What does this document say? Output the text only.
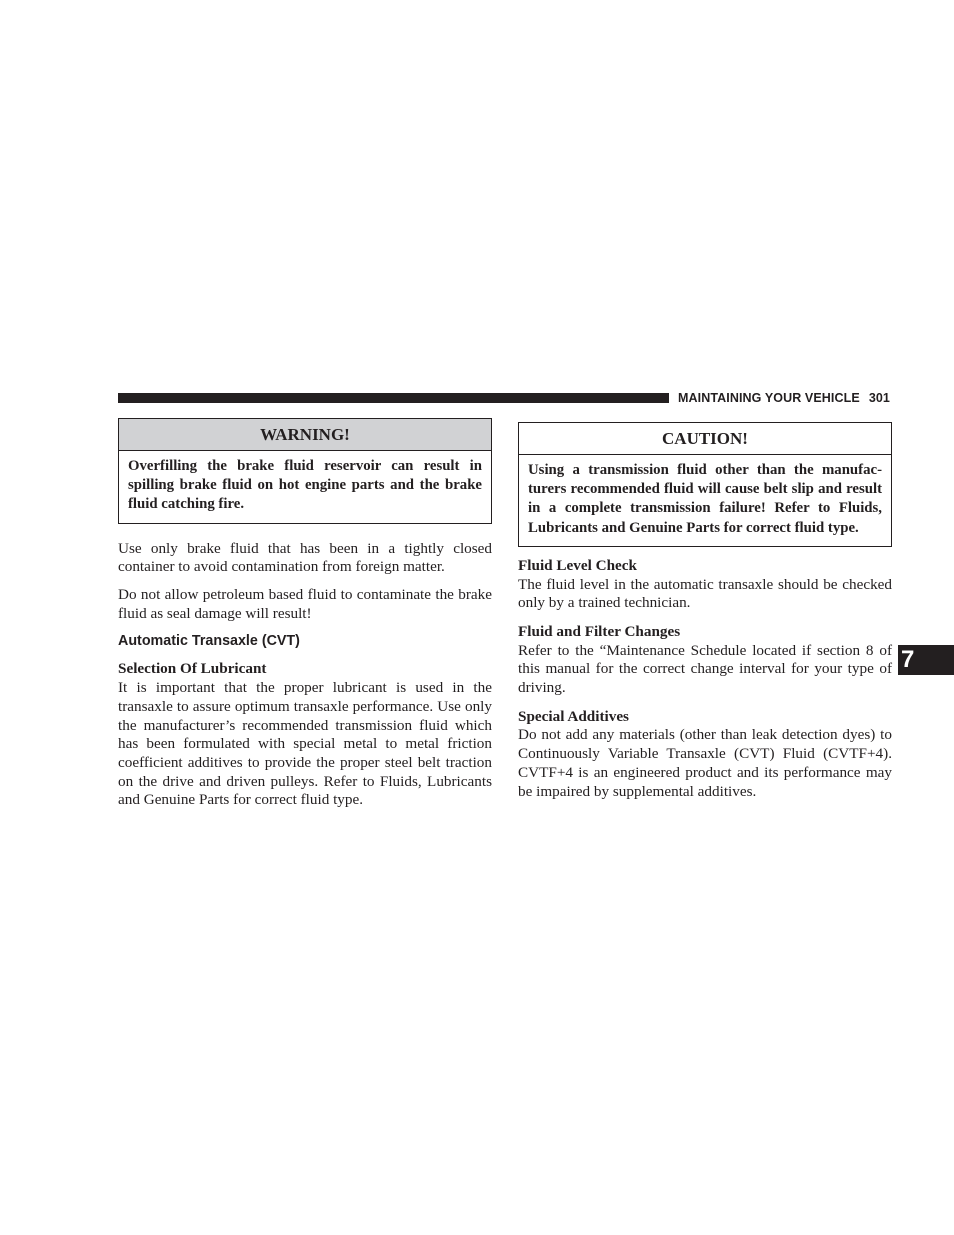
MAINTAINING YOUR VEHICLE 301
7
WARNING!
Overfilling the brake fluid reservoir can result in spilling brake fluid on hot engine parts and the brake fluid catching fire.

Use only brake fluid that has been in a tightly closed container to avoid contamination from foreign matter.

Do not allow petroleum based fluid to contaminate the brake fluid as seal damage will result!

Automatic Transaxle (CVT)
Selection Of Lubricant

It is important that the proper lubricant is used in the transaxle to assure optimum transaxle performance. Use only the manufacturer’s recommended transmission fluid which has been formulated with special metal to metal friction coefficient additives to provide the proper steel belt traction on the drive and driven pulleys. Refer to Fluids, Lubricants and Genuine Parts for correct fluid type.

CAUTION!
Using a transmission fluid other than the manufacturers recommended fluid will cause belt slip and result in a complete transmission failure! Refer to Fluids, Lubricants and Genuine Parts for correct fluid type.
Fluid Level Check

The fluid level in the automatic transaxle should be checked only by a trained technician.

Fluid and Filter Changes

Refer to the “Maintenance Schedule located if section 8 of this manual for the correct change interval for your type of driving.

Special Additives

Do not add any materials (other than leak detection dyes) to Continuously Variable Transaxle (CVT) Fluid (CVTF+4). CVTF+4 is an engineered product and its performance may be impaired by supplemental additives.
